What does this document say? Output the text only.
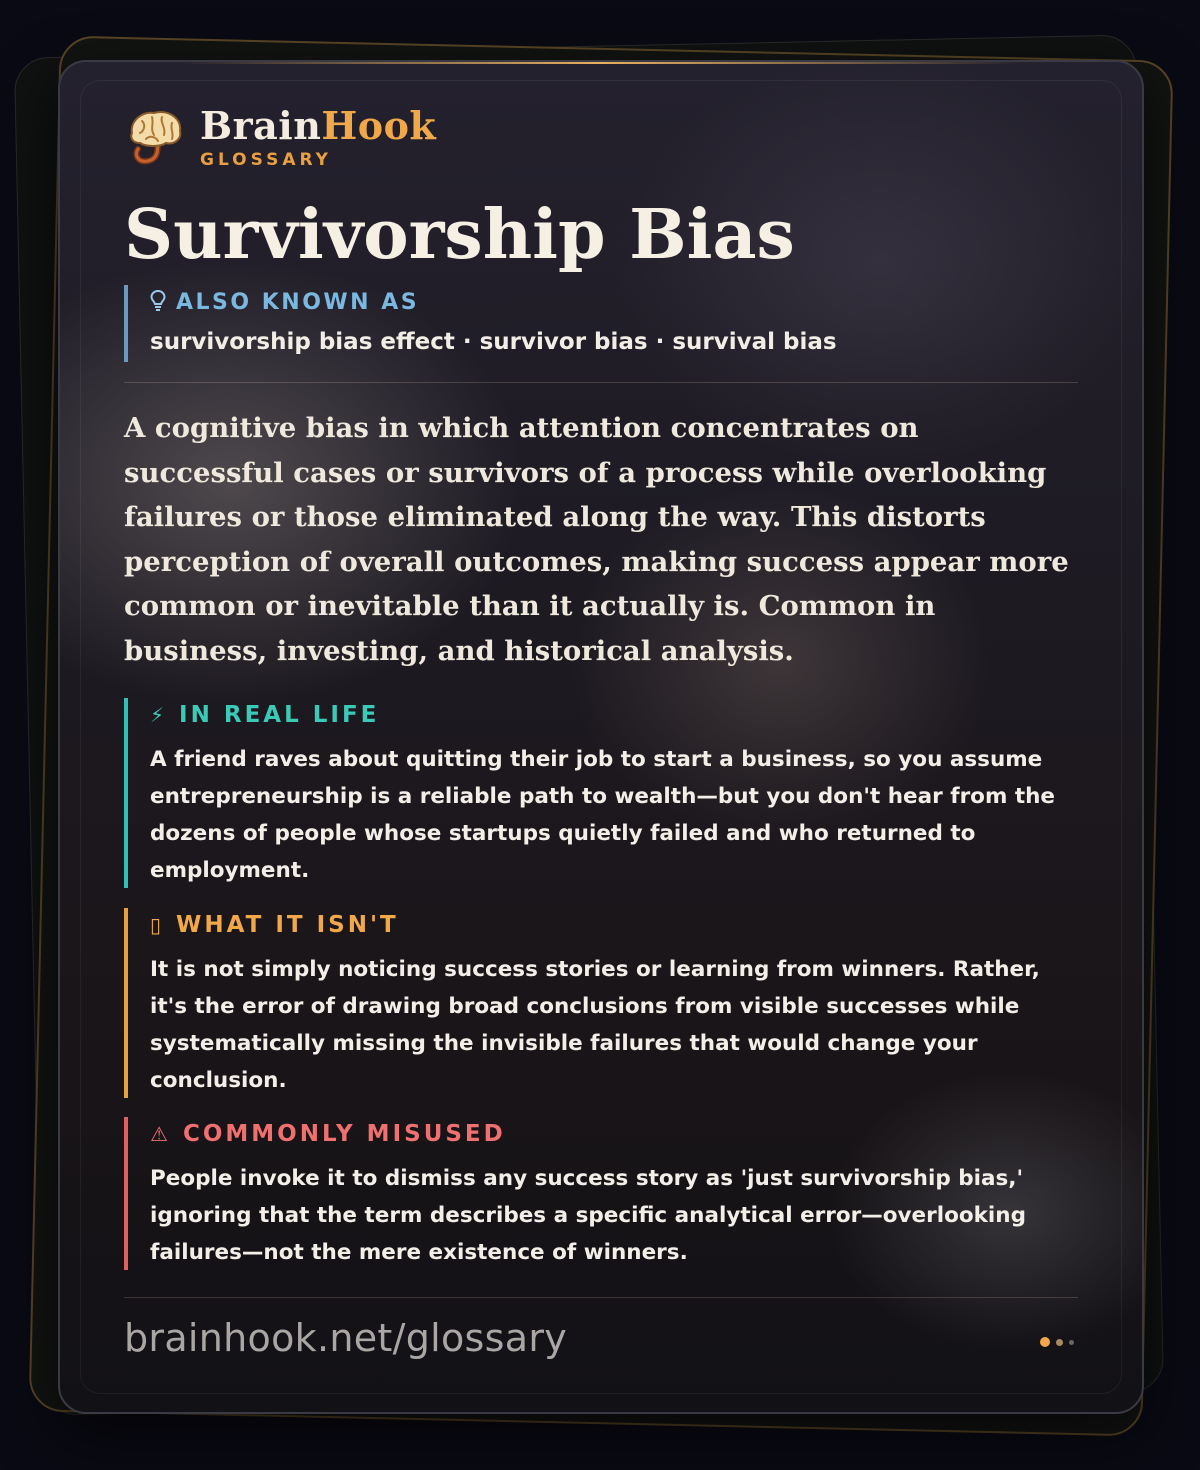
BrainHook
GLOSSARY
Survivorship Bias
ALSO KNOWN AS
survivorship bias effect · survivor bias · survival bias

A cognitive bias in which attention concentrates on successful cases or survivors of a process while overlooking failures or those eliminated along the way. This distorts perception of overall outcomes, making success appear more common or inevitable than it actually is. Common in business, investing, and historical analysis.

⚡ IN REAL LIFE
A friend raves about quitting their job to start a business, so you assume entrepreneurship is a reliable path to wealth—but you don't hear from the dozens of people whose startups quietly failed and who returned to employment.
▯ WHAT IT ISN'T
It is not simply noticing success stories or learning from winners. Rather, it's the error of drawing broad conclusions from visible successes while systematically missing the invisible failures that would change your conclusion.
⚠ COMMONLY MISUSED
People invoke it to dismiss any success story as 'just survivorship bias,' ignoring that the term describes a specific analytical error—overlooking failures—not the mere existence of winners.
brainhook.net/glossary
